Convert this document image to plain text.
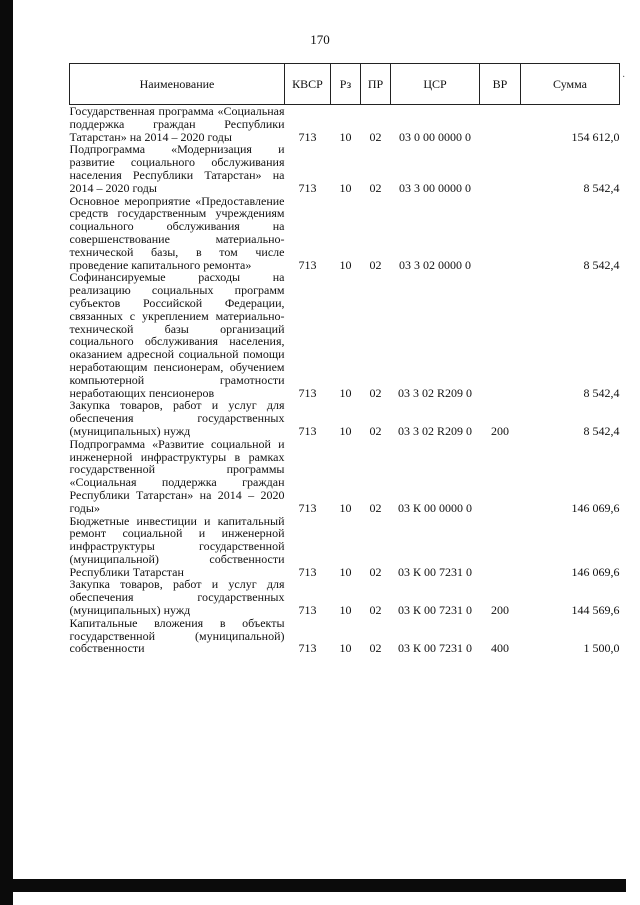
·
170
Наименование	КВСР	Рз	ПР	ЦСР	ВР	Сумма
Государственная программа «Социальная поддержка граждан Республики Татарстан» на 2014 – 2020 годы	713	10	02	03 0 00 0000 0		154 612,0
Подпрограмма «Модернизация и развитие социального обслуживания населения Республики Татарстан» на 2014 – 2020 годы	713	10	02	03 3 00 0000 0		8 542,4
Основное мероприятие «Предоставление средств государственным учреждениям социального обслуживания на совершенствование материально-технической базы, в том числе проведение капитального ремонта»	713	10	02	03 3 02 0000 0		8 542,4
Софинансируемые расходы на реализацию социальных программ субъектов Российской Федерации, связанных с укреплением материально-технической базы организаций социального обслуживания населения, оказанием адресной социальной помощи неработающим пенсионерам, обучением компьютерной грамотности неработающих пенсионеров	713	10	02	03 3 02 R209 0		8 542,4
Закупка товаров, работ и услуг для обеспечения государственных (муниципальных) нужд	713	10	02	03 3 02 R209 0	200	8 542,4
Подпрограмма «Развитие социальной и инженерной инфраструктуры в рамках государственной программы «Социальная поддержка граждан Республики Татарстан» на 2014 – 2020 годы»	713	10	02	03 К 00 0000 0		146 069,6
Бюджетные инвестиции и капитальный ремонт социальной и инженерной инфраструктуры государственной (муниципальной) собственности Республики Татарстан	713	10	02	03 К 00 7231 0		146 069,6
Закупка товаров, работ и услуг для обеспечения государственных (муниципальных) нужд	713	10	02	03 К 00 7231 0	200	144 569,6
Капитальные вложения в объекты государственной (муниципальной) собственности	713	10	02	03 К 00 7231 0	400	1 500,0
